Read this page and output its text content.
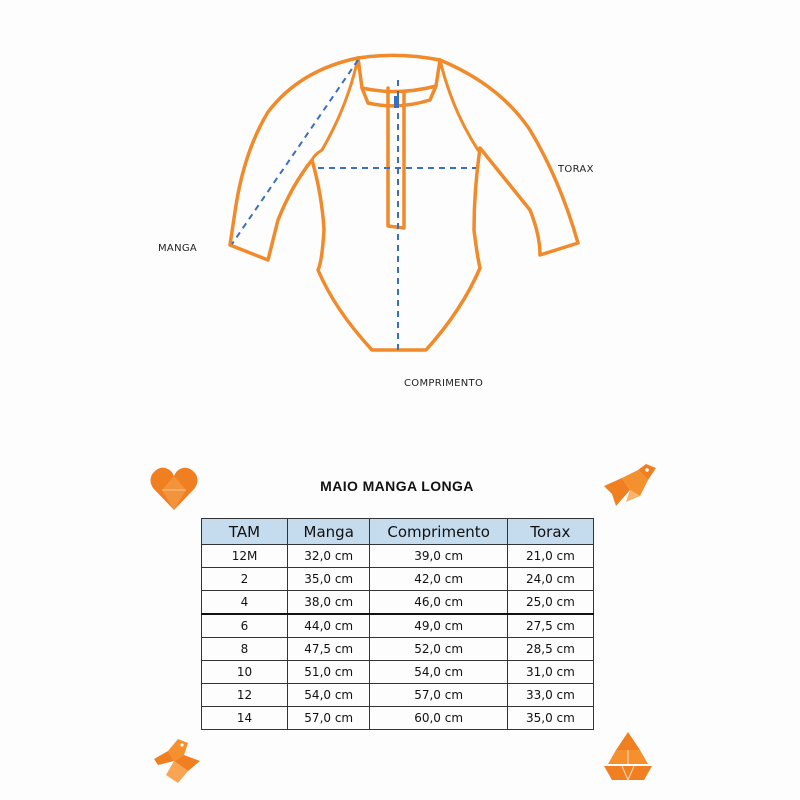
TORAX
MANGA
COMPRIMENTO
MAIO MANGA LONGA
TAM	Manga	Comprimento	Torax
12M	32,0 cm	39,0 cm	21,0 cm
2	35,0 cm	42,0 cm	24,0 cm
4	38,0 cm	46,0 cm	25,0 cm
6	44,0 cm	49,0 cm	27,5 cm
8	47,5 cm	52,0 cm	28,5 cm
10	51,0 cm	54,0 cm	31,0 cm
12	54,0 cm	57,0 cm	33,0 cm
14	57,0 cm	60,0 cm	35,0 cm
